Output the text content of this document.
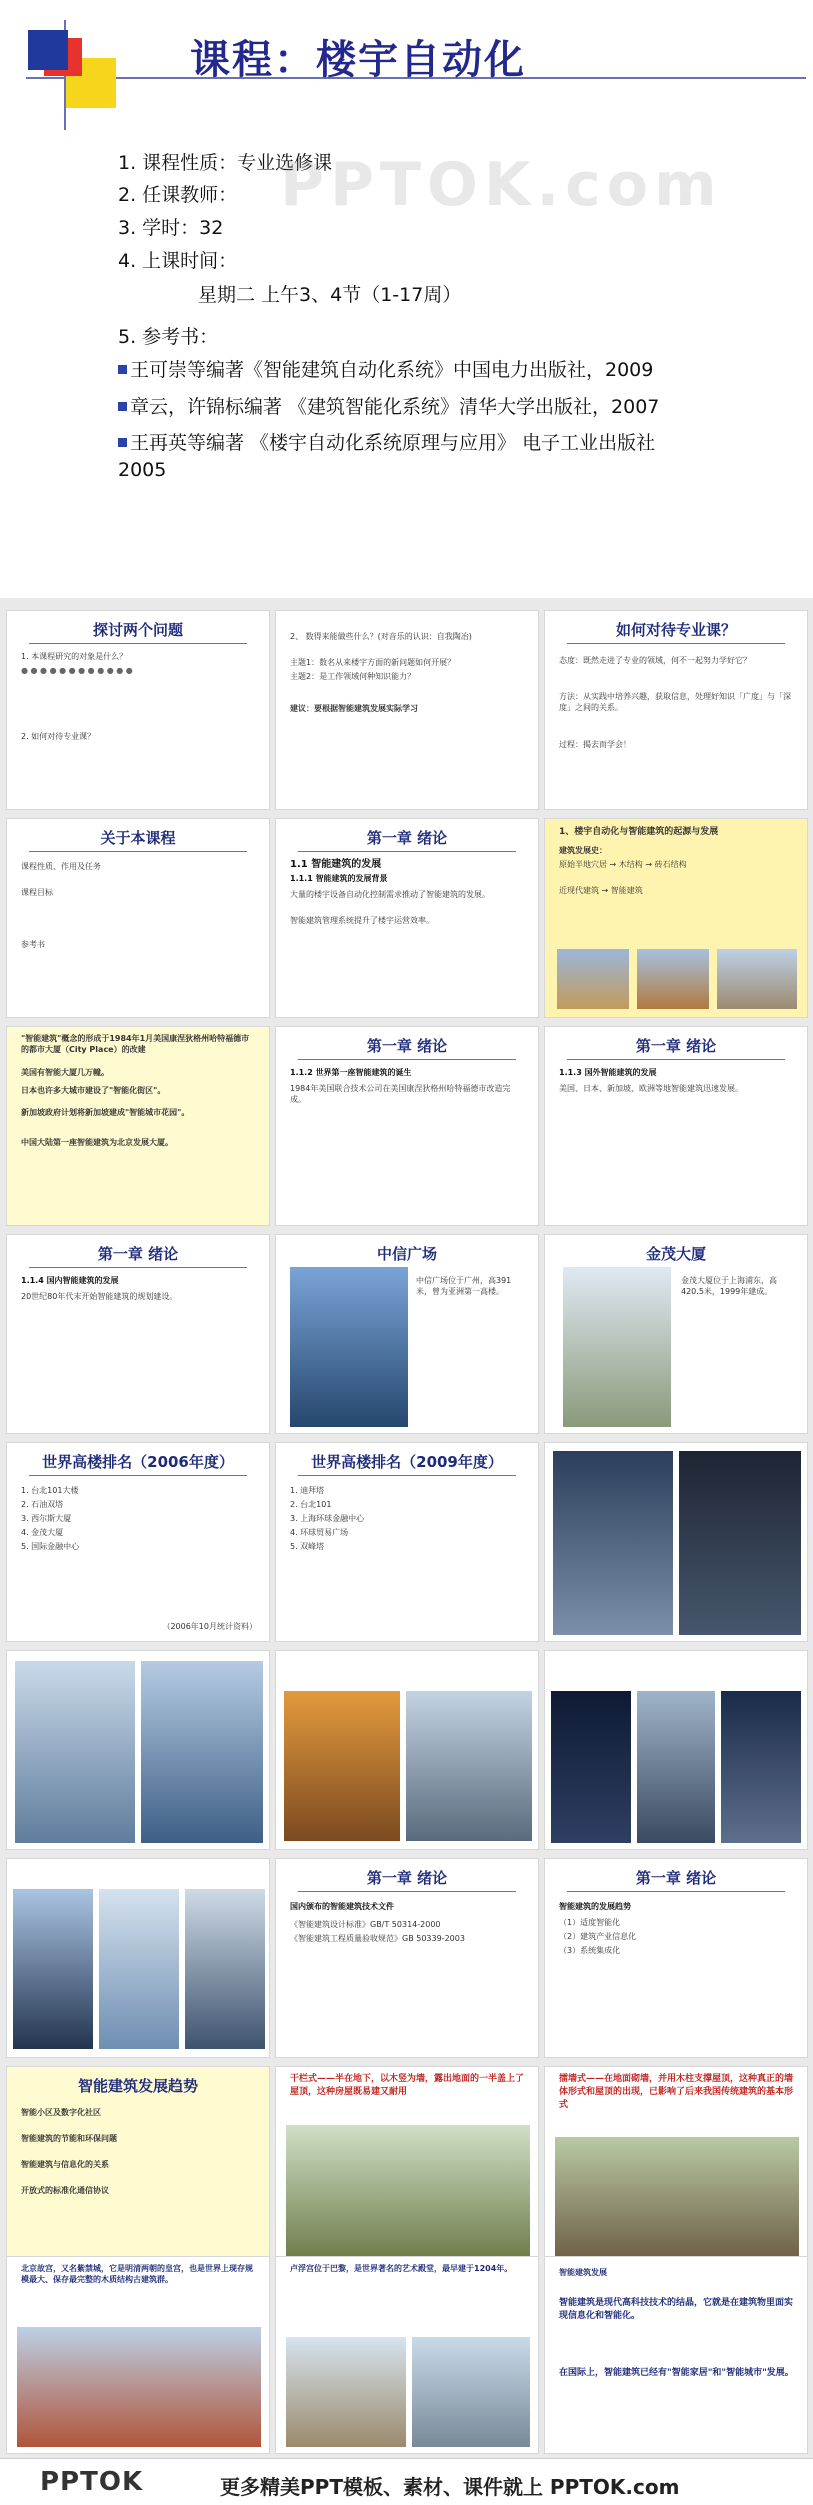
课程：楼宇自动化
1. 课程性质：专业选修课
2. 任课教师：
3. 学时：32
4. 上课时间：
星期二 上午3、4节（1-17周）
5. 参考书：
王可崇等编著《智能建筑自动化系统》中国电力出版社，2009
章云，许锦标编著 《建筑智能化系统》清华大学出版社，2007
王再英等编著 《楼宇自动化系统原理与应用》 电子工业出版社
2005
PPTOK.com
探讨两个问题
1. 本课程研究的对象是什么？
● ● ● ● ● ● ● ● ● ● ● ●
2. 如何对待专业课？
2、 数得来能做些什么？(对音乐的认识：自我陶冶)
主题1：数名从来楼宇方面的新问题如何开展？
主题2：是工作领域何种知识能力？
建议：要根据智能建筑发展实际学习
如何对待专业课？
态度：既然走进了专业的领域，何不一起努力学好它？
方法：从实践中培养兴趣，获取信息，处理好知识「广度」与「深度」之间的关系。
过程：揭去而学会！
关于本课程
课程性质、作用及任务
课程目标
参考书
第一章 绪论
1.1 智能建筑的发展
1.1.1 智能建筑的发展背景
大量的楼宇设备自动化控制需求推动了智能建筑的发展。
智能建筑管理系统提升了楼宇运营效率。
1、楼宇自动化与智能建筑的起源与发展
建筑发展史：
原始半地穴居 → 木结构 → 砖石结构
近现代建筑 → 智能建筑
"智能建筑"概念的形成于1984年1月美国康涅狄格州哈特福德市的都市大厦（City Place）的改建
美国有智能大厦几万幢。
日本也许多大城市建设了"智能化街区"。
新加坡政府计划将新加坡建成"智能城市花园"。
中国大陆第一座智能建筑为北京发展大厦。
第一章 绪论
1.1.2 世界第一座智能建筑的诞生
1984年美国联合技术公司在美国康涅狄格州哈特福德市改造完成。
第一章 绪论
1.1.3 国外智能建筑的发展
美国、日本、新加坡、欧洲等地智能建筑迅速发展。
第一章 绪论
1.1.4 国内智能建筑的发展
20世纪80年代末开始智能建筑的规划建设。
中信广场
中信广场位于广州，高391米，曾为亚洲第一高楼。
金茂大厦
金茂大厦位于上海浦东，高420.5米，1999年建成。
世界高楼排名（2006年度）
1. 台北101大楼
2. 石油双塔
3. 西尔斯大厦
4. 金茂大厦
5. 国际金融中心
（2006年10月统计资料）
世界高楼排名（2009年度）
1. 迪拜塔
2. 台北101
3. 上海环球金融中心
4. 环球贸易广场
5. 双峰塔
第一章 绪论
国内颁布的智能建筑技术文件
《智能建筑设计标准》GB/T 50314-2000
《智能建筑工程质量验收规范》GB 50339-2003
第一章 绪论
智能建筑的发展趋势
（1）适度智能化
（2）建筑产业信息化
（3）系统集成化
智能建筑发展趋势
智能小区及数字化社区
智能建筑的节能和环保问题
智能建筑与信息化的关系
开放式的标准化通信协议
干栏式——半在地下，以木竖为墙，露出地面的一半盖上了屋顶，这种房屋既易建又耐用
擂墙式——在地面砌墙，并用木柱支撑屋顶，这种真正的墙体形式和屋顶的出现，已影响了后来我国传统建筑的基本形式
北京故宫，又名紫禁城，它是明清两朝的皇宫，也是世界上现存规模最大、保存最完整的木质结构古建筑群。
卢浮宫位于巴黎，是世界著名的艺术殿堂，最早建于1204年。	智能建筑发展
智能建筑是现代高科技技术的结晶，它就是在建筑物里面实现信息化和智能化。
在国际上，智能建筑已经有"智能家居"和"智能城市"发展。
PPTOK	更多精美PPT模板、素材、课件就上 PPTOK.com
